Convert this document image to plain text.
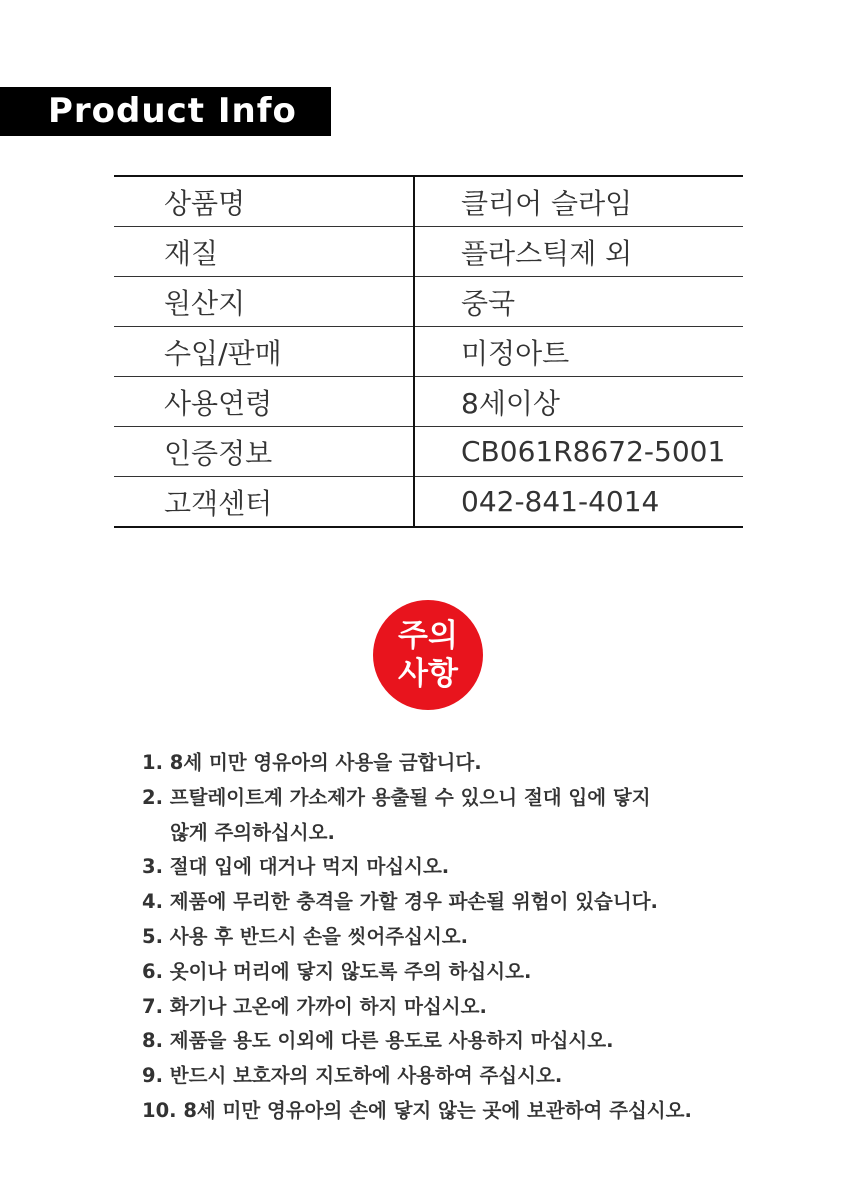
Product Info
상품명	클리어 슬라임
재질	플라스틱제 외
원산지	중국
수입/판매	미정아트
사용연령	8세이상
인증정보	CB061R8672-5001
고객센터	042-841-4014
주의
사항
1. 8세 미만 영유아의 사용을 금합니다.
2. 프탈레이트계 가소제가 용출될 수 있으니 절대 입에 닿지
않게 주의하십시오.
3. 절대 입에 대거나 먹지 마십시오.
4. 제품에 무리한 충격을 가할 경우 파손될 위험이 있습니다.
5. 사용 후 반드시 손을 씻어주십시오.
6. 옷이나 머리에 닿지 않도록 주의 하십시오.
7. 화기나 고온에 가까이 하지 마십시오.
8. 제품을 용도 이외에 다른 용도로 사용하지 마십시오.
9. 반드시 보호자의 지도하에 사용하여 주십시오.
10. 8세 미만 영유아의 손에 닿지 않는 곳에 보관하여 주십시오.
